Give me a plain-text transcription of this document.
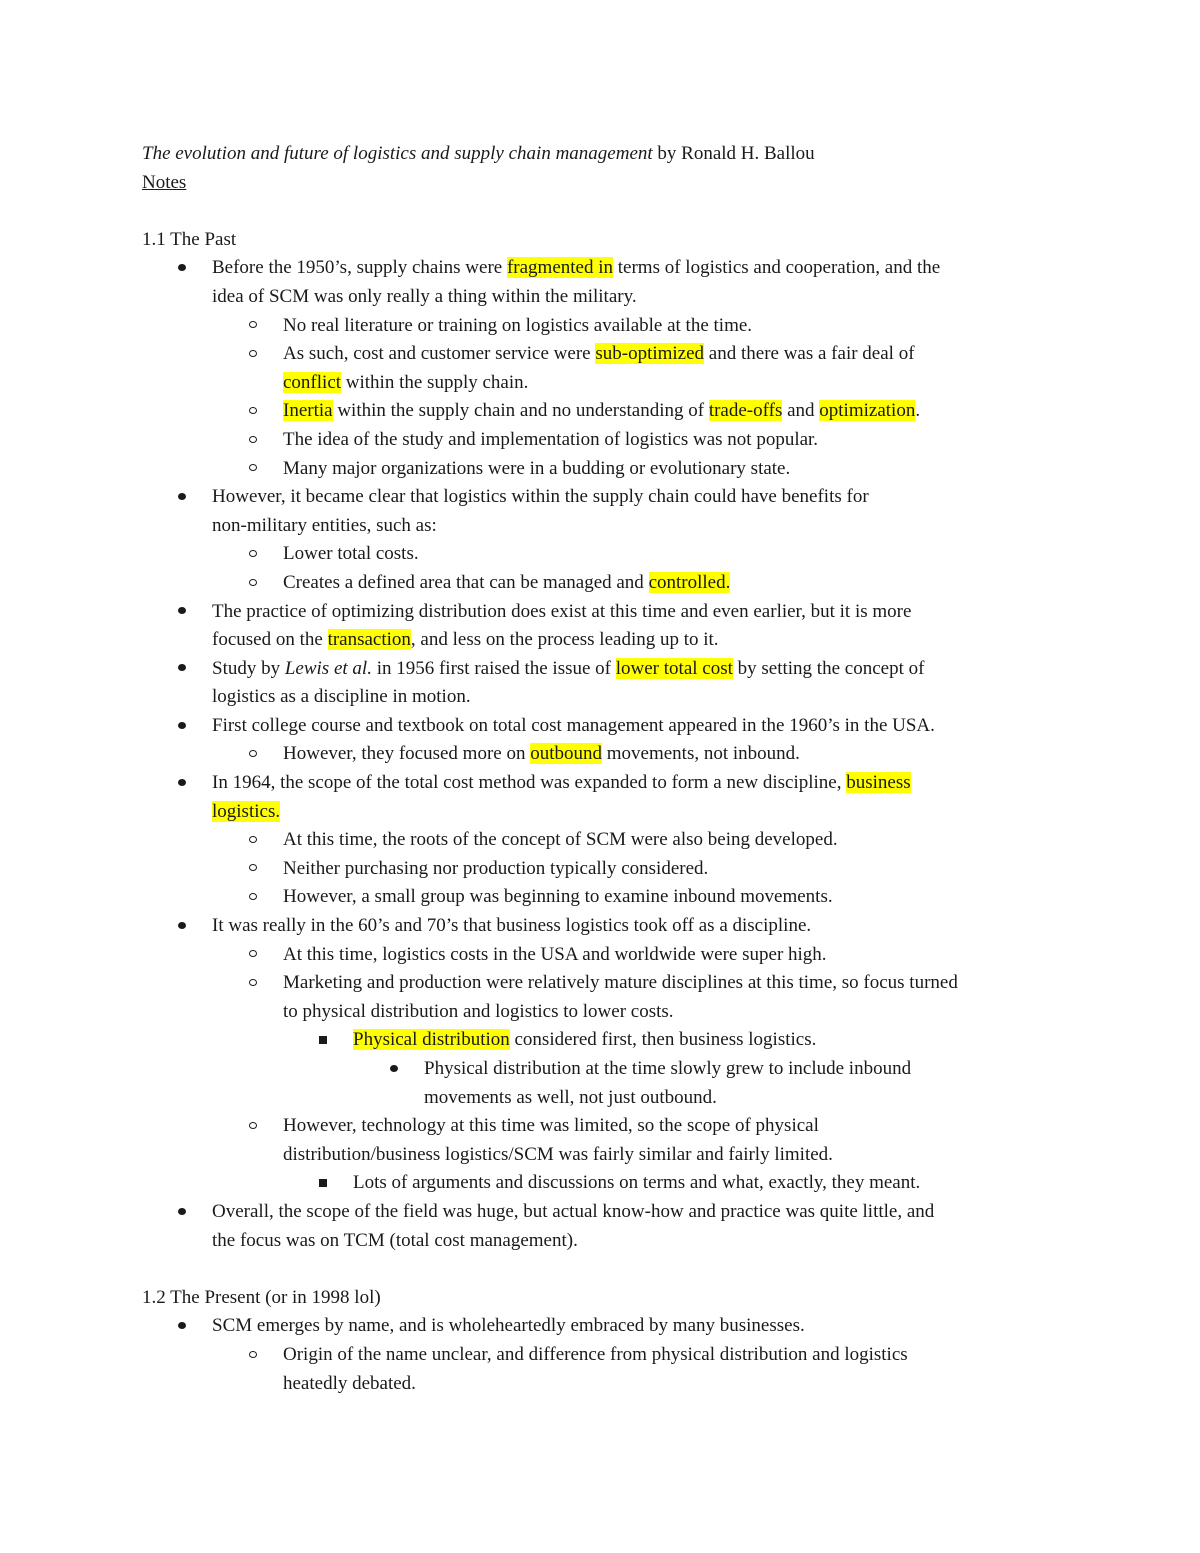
The evolution and future of logistics and supply chain management by Ronald H. Ballou
Notes
1.1 The Past
Before the 1950’s, supply chains were fragmented in terms of logistics and cooperation, and the
idea of SCM was only really a thing within the military.
No real literature or training on logistics available at the time.
As such, cost and customer service were sub-optimized and there was a fair deal of
conflict within the supply chain.
Inertia within the supply chain and no understanding of trade-offs and optimization.
The idea of the study and implementation of logistics was not popular.
Many major organizations were in a budding or evolutionary state.
However, it became clear that logistics within the supply chain could have benefits for
non-military entities, such as:
Lower total costs.
Creates a defined area that can be managed and controlled.
The practice of optimizing distribution does exist at this time and even earlier, but it is more
focused on the transaction, and less on the process leading up to it.
Study by Lewis et al. in 1956 first raised the issue of lower total cost by setting the concept of
logistics as a discipline in motion.
First college course and textbook on total cost management appeared in the 1960’s in the USA.
However, they focused more on outbound movements, not inbound.
In 1964, the scope of the total cost method was expanded to form a new discipline, business
logistics.
At this time, the roots of the concept of SCM were also being developed.
Neither purchasing nor production typically considered.
However, a small group was beginning to examine inbound movements.
It was really in the 60’s and 70’s that business logistics took off as a discipline.
At this time, logistics costs in the USA and worldwide were super high.
Marketing and production were relatively mature disciplines at this time, so focus turned
to physical distribution and logistics to lower costs.
Physical distribution considered first, then business logistics.
Physical distribution at the time slowly grew to include inbound
movements as well, not just outbound.
However, technology at this time was limited, so the scope of physical
distribution/business logistics/SCM was fairly similar and fairly limited.
Lots of arguments and discussions on terms and what, exactly, they meant.
Overall, the scope of the field was huge, but actual know-how and practice was quite little, and
the focus was on TCM (total cost management).
1.2 The Present (or in 1998 lol)
SCM emerges by name, and is wholeheartedly embraced by many businesses.
Origin of the name unclear, and difference from physical distribution and logistics
heatedly debated.
